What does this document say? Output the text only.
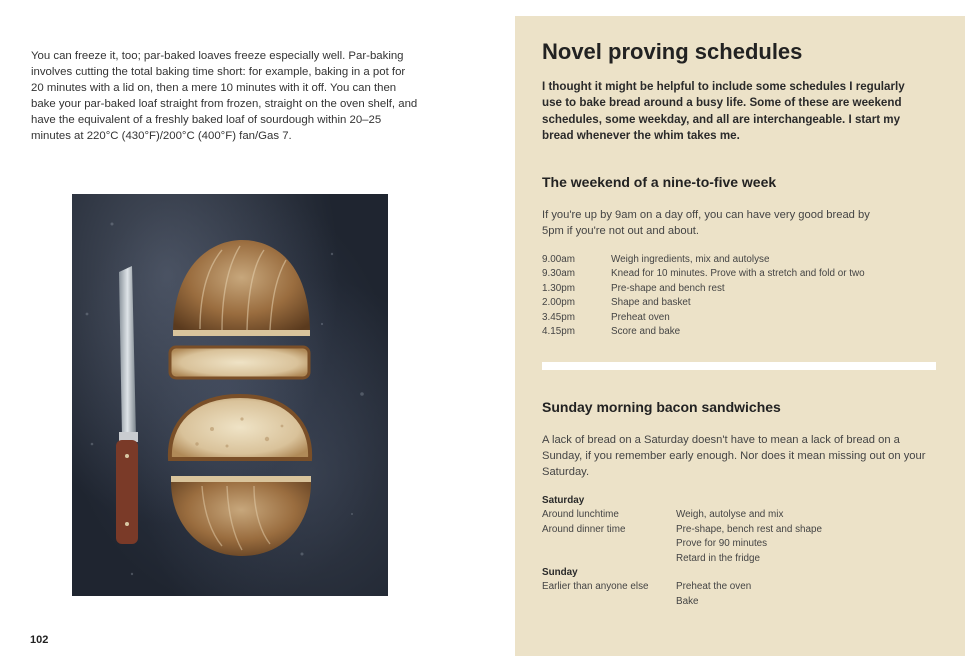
You can freeze it, too; par-baked loaves freeze especially well. Par-baking involves cutting the total baking time short: for example, baking in a pot for 20 minutes with a lid on, then a mere 10 minutes with it off. You can then bake your par-baked loaf straight from frozen, straight on the oven shelf, and have the equivalent of a freshly baked loaf of sourdough within 20–25 minutes at 220°C (430°F)/200°C (400°F) fan/Gas 7.

102
Novel proving schedules

I thought it might be helpful to include some schedules I regularly use to bake bread around a busy life. Some of these are weekend schedules, some weekday, and all are interchangeable. I start my bread whenever the whim takes me.

The weekend of a nine-to-five week

If you're up by 9am on a day off, you can have very good bread by 5pm if you're not out and about.

9.00am	Weigh ingredients, mix and autolyse
9.30am	Knead for 10 minutes. Prove with a stretch and fold or two
1.30pm	Pre-shape and bench rest
2.00pm	Shape and basket
3.45pm	Preheat oven
4.15pm	Score and bake
Sunday morning bacon sandwiches

A lack of bread on a Saturday doesn't have to mean a lack of bread on a Sunday, if you remember early enough. Nor does it mean missing out on your Saturday.

Saturday
Around lunchtime	Weigh, autolyse and mix
Around dinner time	Pre-shape, bench rest and shape
Prove for 90 minutes
Retard in the fridge
Sunday
Earlier than anyone else	Preheat the oven
Bake
